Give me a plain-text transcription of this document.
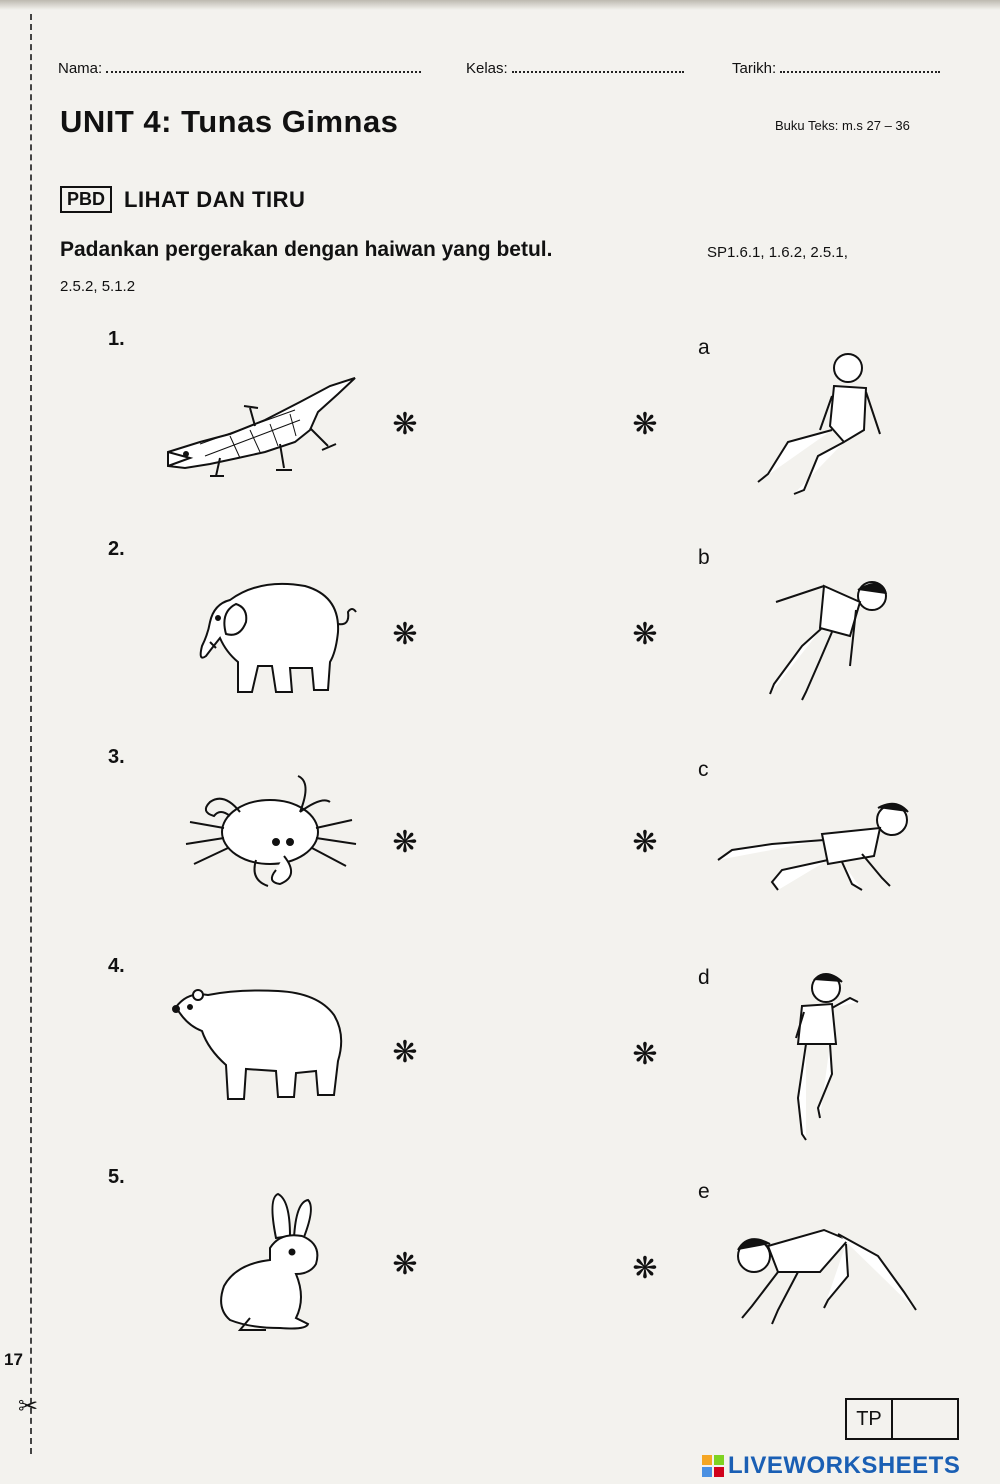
Nama:	Kelas:	Tarikh:
UNIT 4: Tunas Gimnas	Buku Teks: m.s 27 – 36
PBD LIHAT DAN TIRU
Padankan pergerakan dengan haiwan yang betul.	SP1.6.1, 1.6.2, 2.5.1,
2.5.2, 5.1.2
1.
2.
3.
4.
5.
a
b
c
d
e
❋
❋
❋
❋
❋
❋
❋
❋
❋
❋
17
✂	TP
LIVEWORKSHEETS
